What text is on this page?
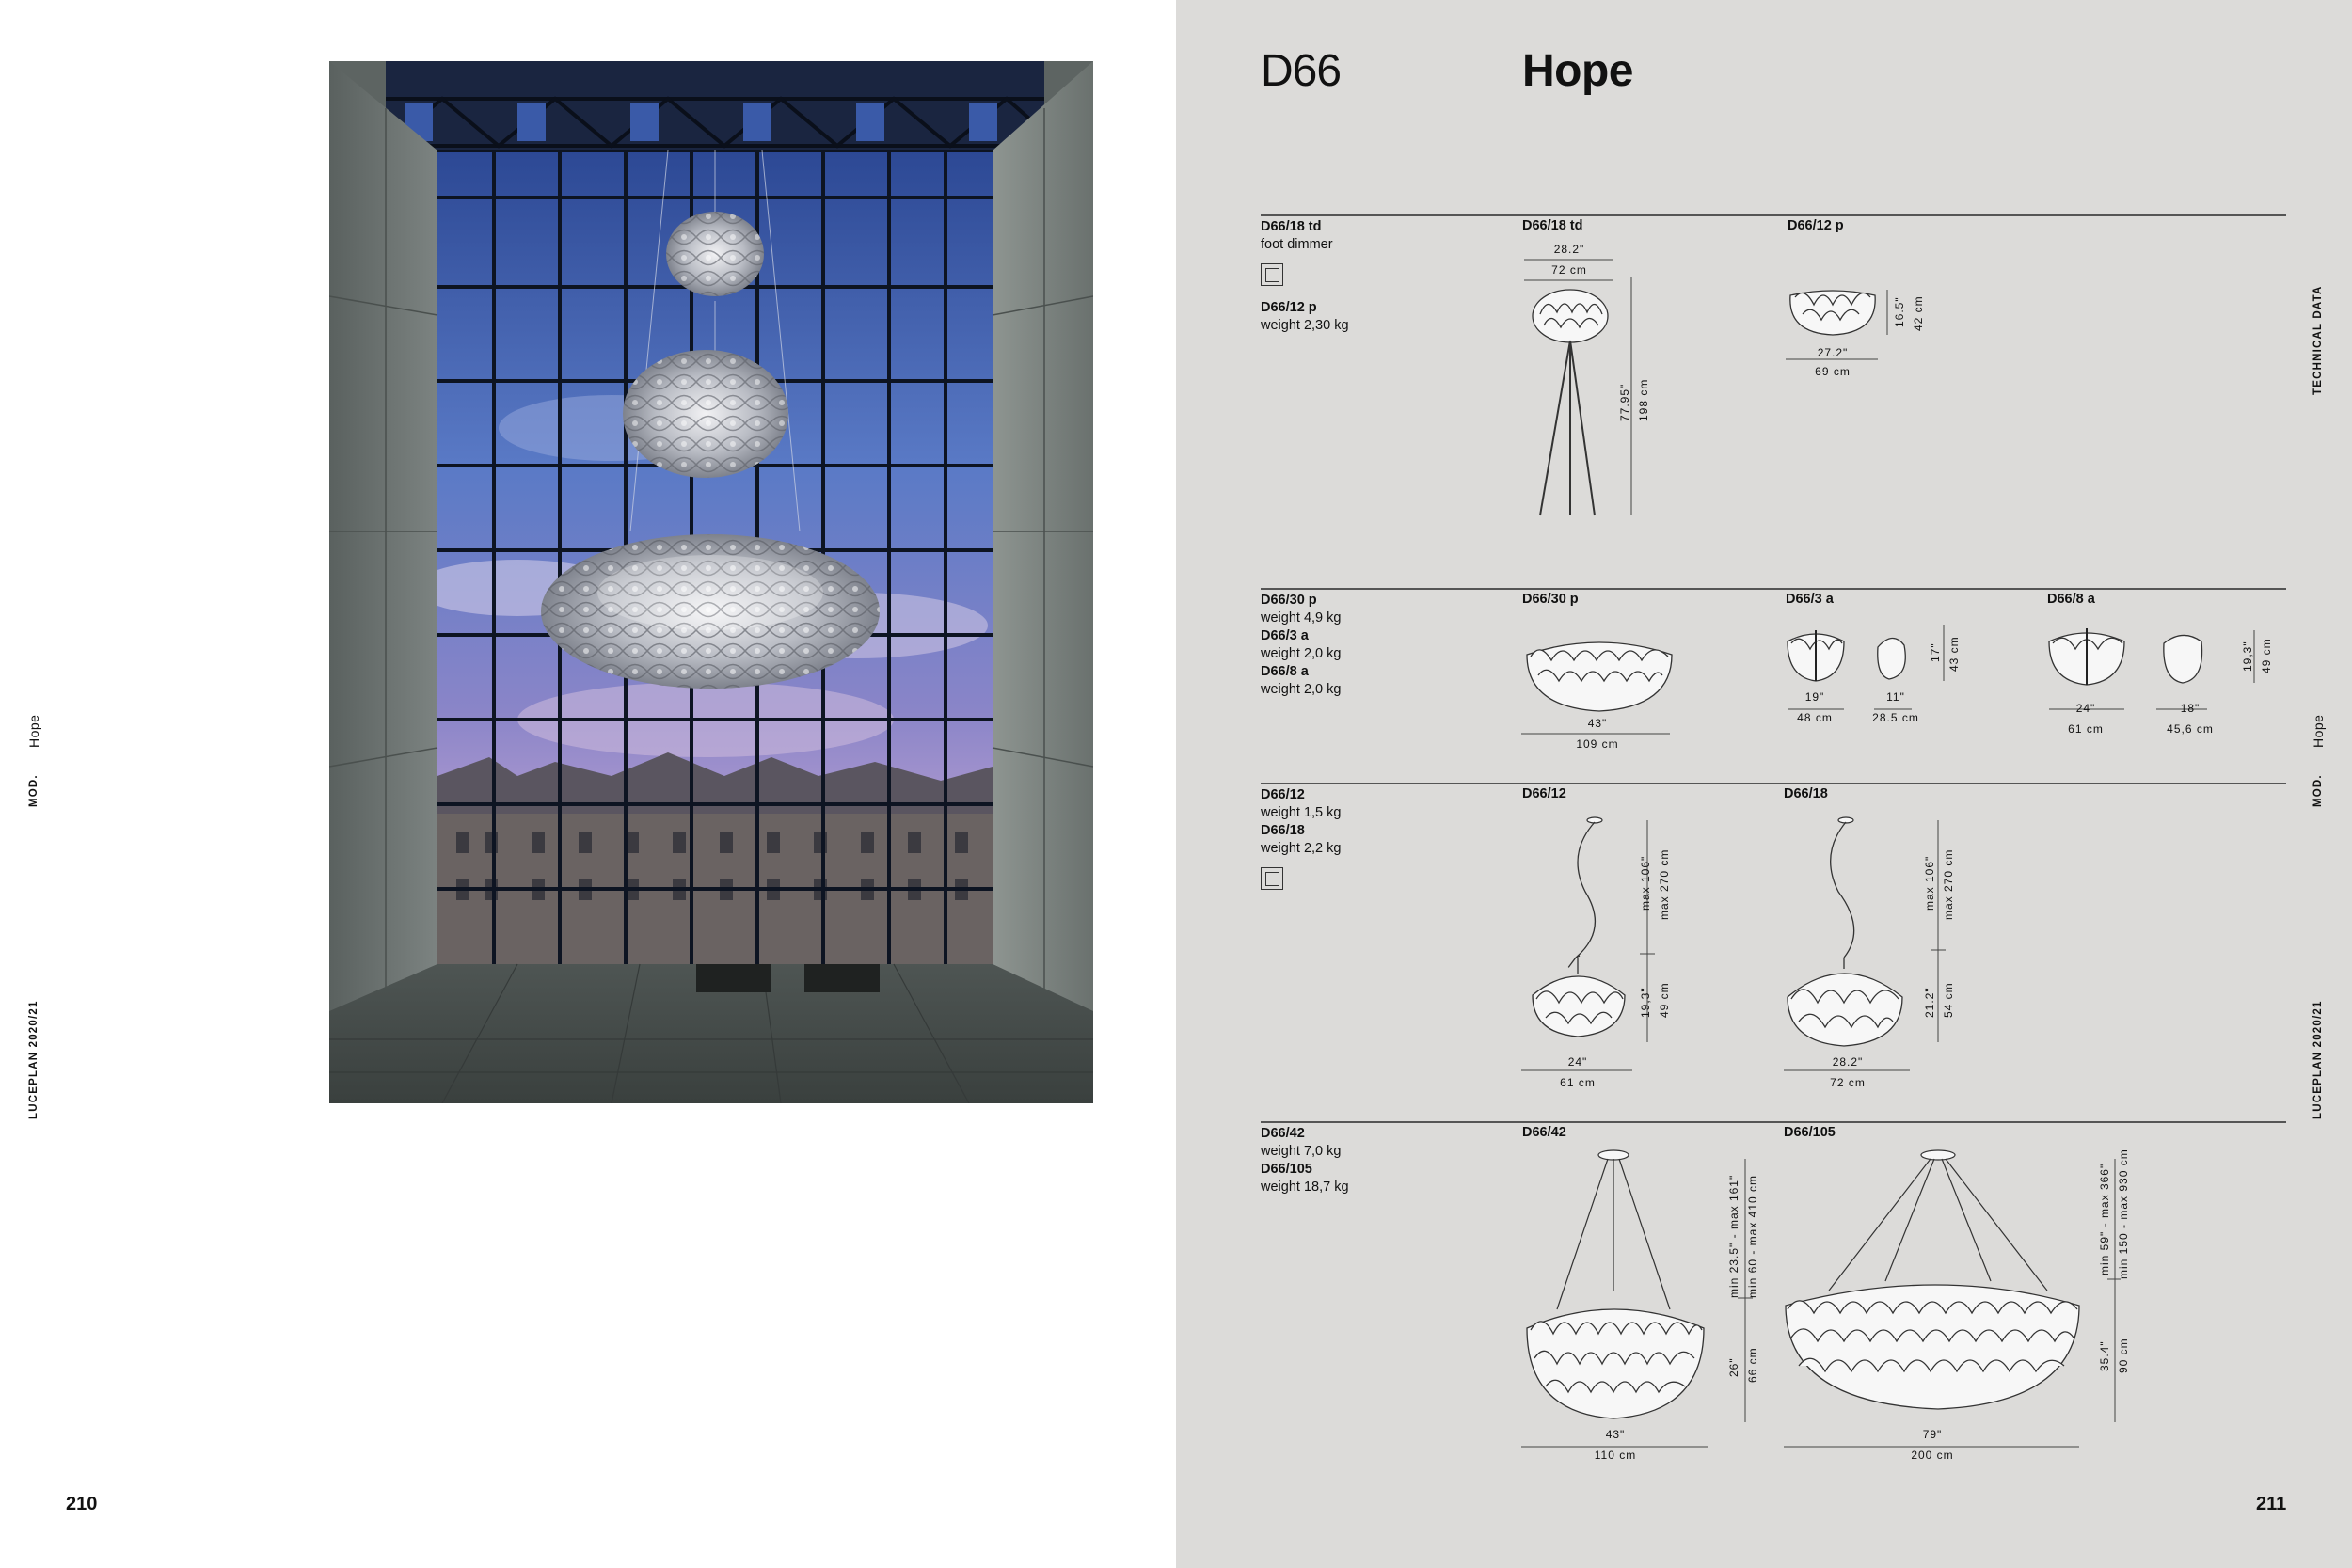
MOD.
Hope
LUCEPLAN 2020/21
210
D66	Hope
TECHNICAL DATA
MOD.
Hope
LUCEPLAN 2020/21
211
D66/18 td
foot dimmer
D66/12 p
weight 2,30 kg
D66/18 td	D66/12 p
28.2"
72 cm
77.95" 198 cm
27.2"
69 cm
16.5" 42 cm
D66/30 p
weight 4,9 kg
D66/3 a
weight 2,0 kg
D66/8 a
weight 2,0 kg
D66/30 p	D66/3 a	D66/8 a
43"
109 cm
19"
48 cm
11"
28.5 cm
17" 43 cm
24"
61 cm
18"
45,6 cm
19,3" 49 cm
D66/12
weight 1,5 kg
D66/18
weight 2,2 kg
D66/12	D66/18
24"
61 cm
max 106" max 270 cm
19,3" 49 cm
28.2"
72 cm
max 106" max 270 cm
21.2" 54 cm
D66/42
weight 7,0 kg
D66/105
weight 18,7 kg
D66/42	D66/105
43"
110 cm
min 23.5" - max 161" min 60 - max 410 cm
26" 66 cm
79"
200 cm
min 59" - max 366" min 150 - max 930 cm
35.4" 90 cm
